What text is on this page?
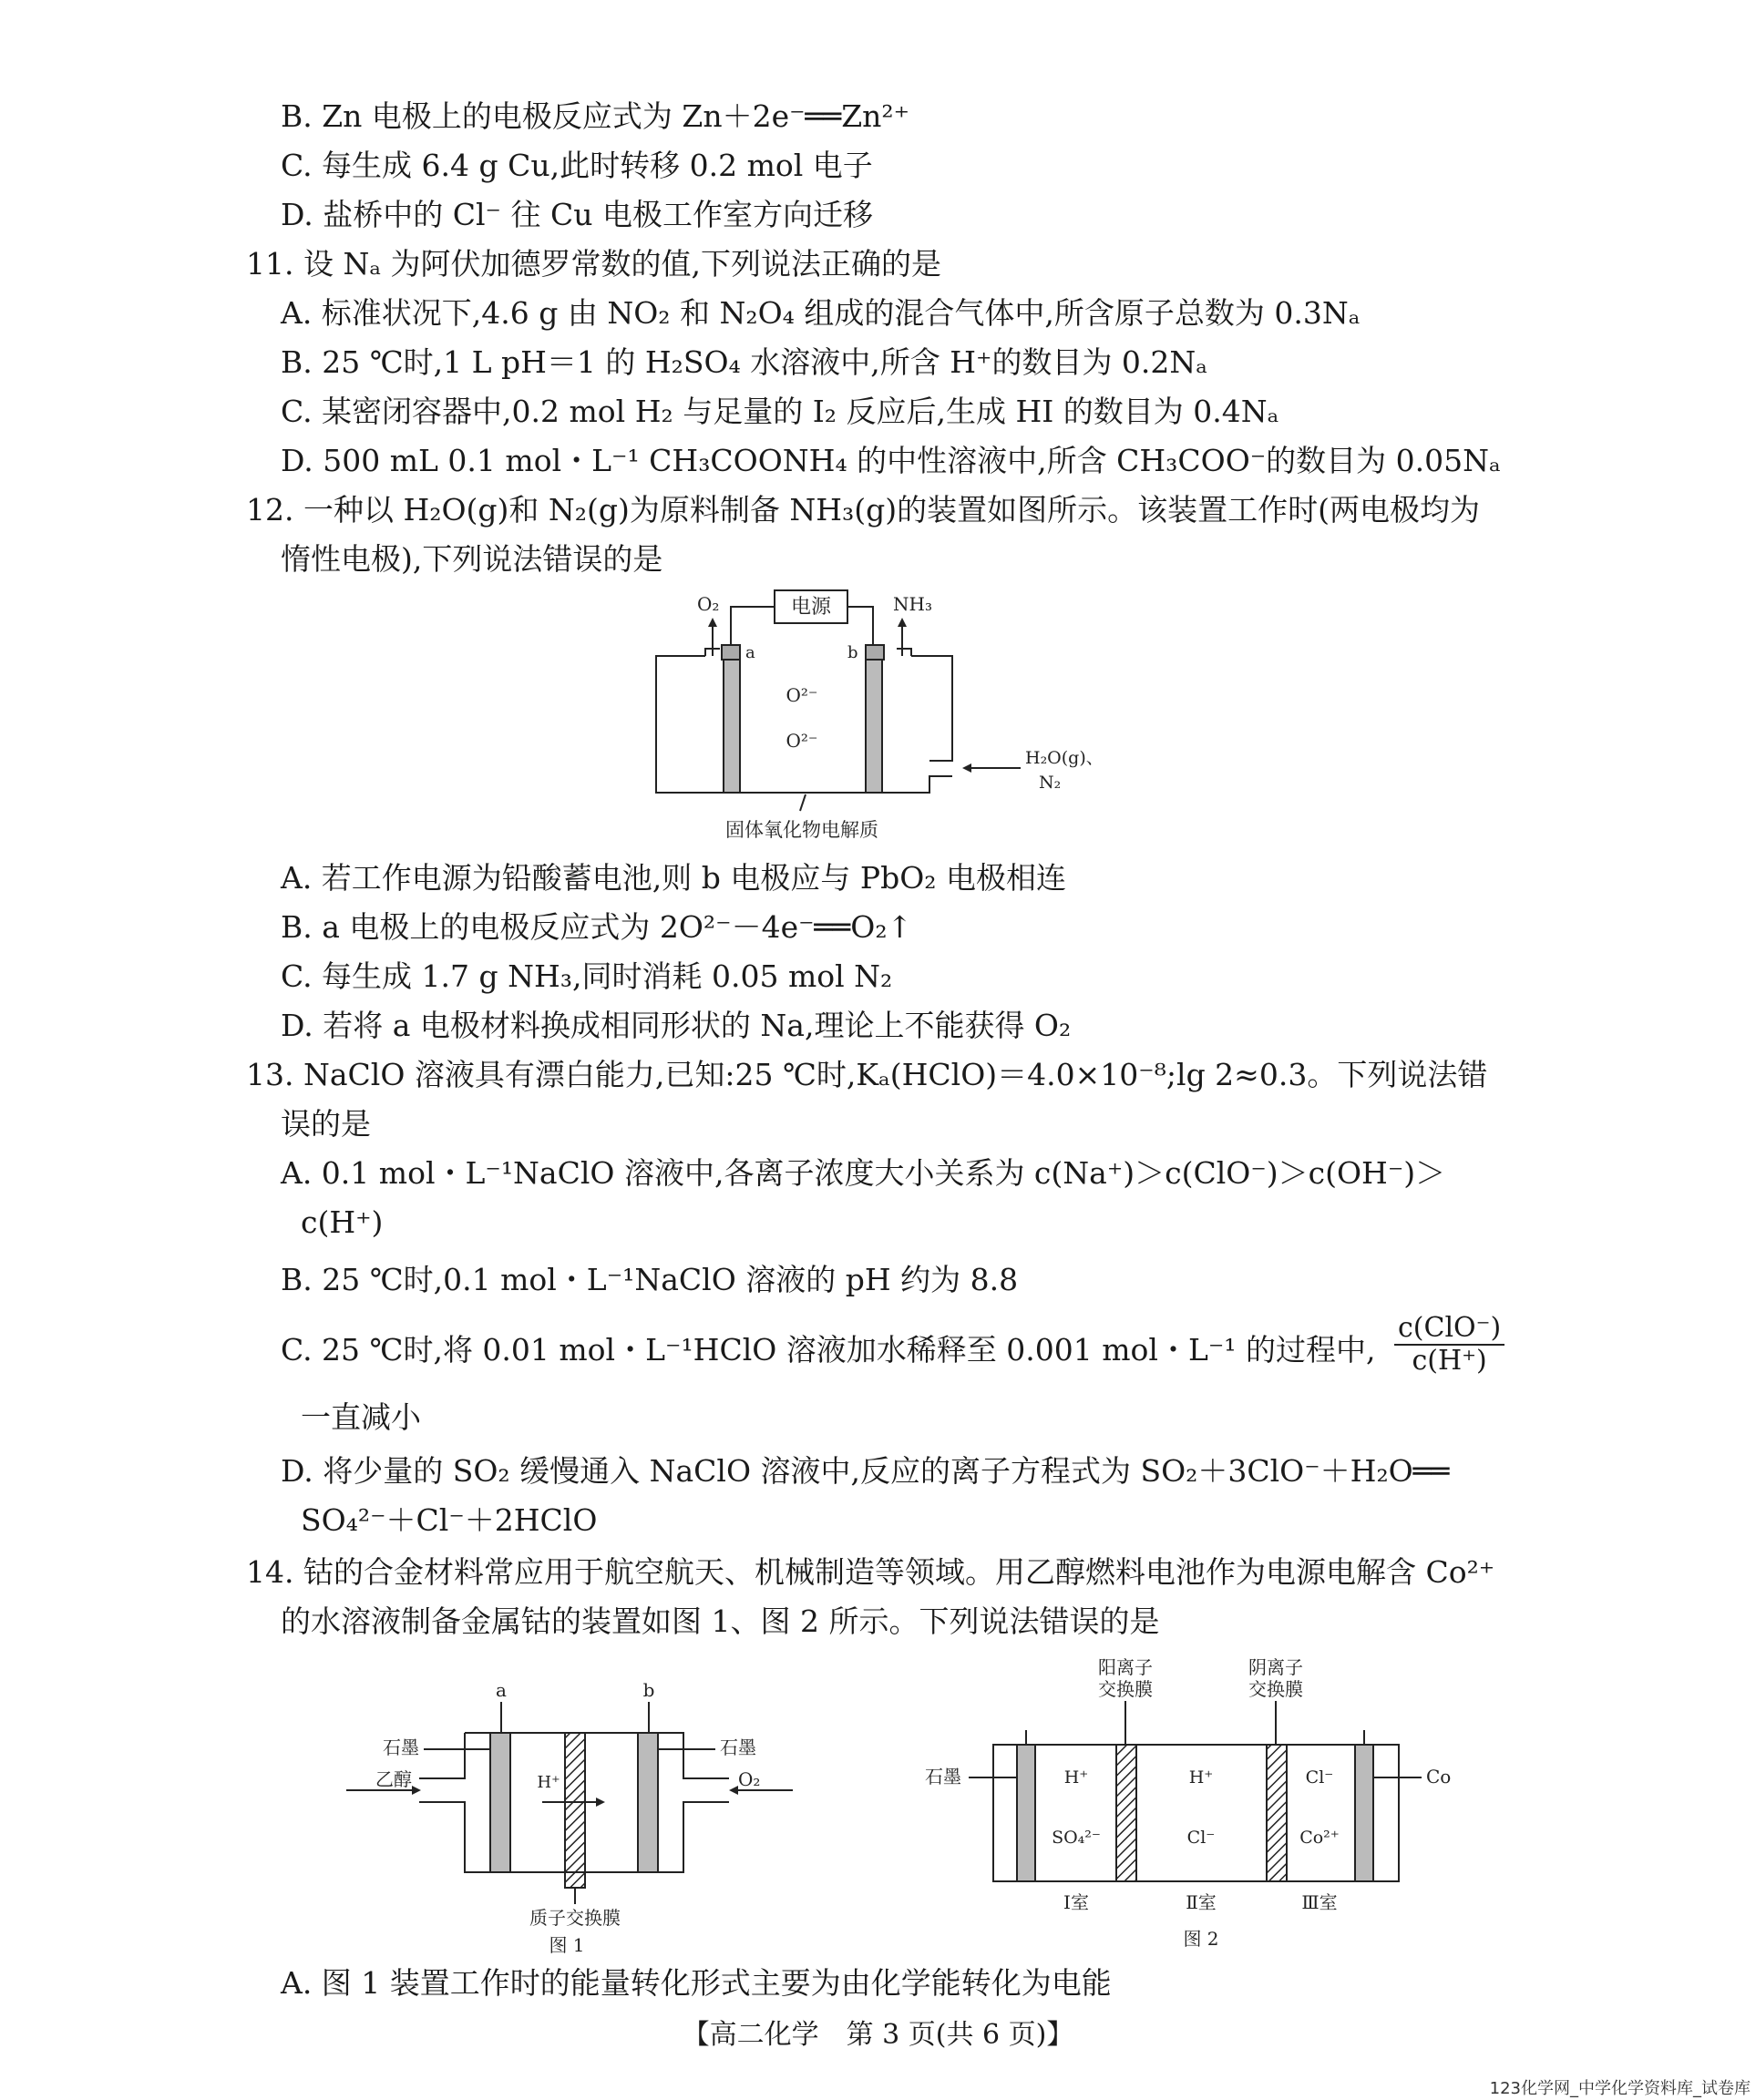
B. Zn 电极上的电极反应式为 Zn＋2e⁻══Zn²⁺
C. 每生成 6.4 g Cu,此时转移 0.2 mol 电子
D. 盐桥中的 Cl⁻ 往 Cu 电极工作室方向迁移
11. 设 Nₐ 为阿伏加德罗常数的值,下列说法正确的是
A. 标准状况下,4.6 g 由 NO₂ 和 N₂O₄ 组成的混合气体中,所含原子总数为 0.3Nₐ
B. 25 ℃时,1 L pH＝1 的 H₂SO₄ 水溶液中,所含 H⁺的数目为 0.2Nₐ
C. 某密闭容器中,0.2 mol H₂ 与足量的 I₂ 反应后,生成 HI 的数目为 0.4Nₐ
D. 500 mL 0.1 mol・L⁻¹ CH₃COONH₄ 的中性溶液中,所含 CH₃COO⁻的数目为 0.05Nₐ
12. 一种以 H₂O(g)和 N₂(g)为原料制备 NH₃(g)的装置如图所示。该装置工作时(两电极均为
惰性电极),下列说法错误的是
电源
O₂	NH₃
a	b
O²⁻
O²⁻
H₂O(g)、
N₂
固体氧化物电解质
A. 若工作电源为铅酸蓄电池,则 b 电极应与 PbO₂ 电极相连
B. a 电极上的电极反应式为 2O²⁻－4e⁻══O₂↑
C. 每生成 1.7 g NH₃,同时消耗 0.05 mol N₂
D. 若将 a 电极材料换成相同形状的 Na,理论上不能获得 O₂
13. NaClO 溶液具有漂白能力,已知:25 ℃时,Kₐ(HClO)＝4.0×10⁻⁸;lg 2≈0.3。下列说法错
误的是
A. 0.1 mol・L⁻¹NaClO 溶液中,各离子浓度大小关系为 c(Na⁺)＞c(ClO⁻)＞c(OH⁻)＞
c(H⁺)
B. 25 ℃时,0.1 mol・L⁻¹NaClO 溶液的 pH 约为 8.8
C. 25 ℃时,将 0.01 mol・L⁻¹HClO 溶液加水稀释至 0.001 mol・L⁻¹ 的过程中,
c(ClO⁻)
c(H⁺)
一直减小
D. 将少量的 SO₂ 缓慢通入 NaClO 溶液中,反应的离子方程式为 SO₂＋3ClO⁻＋H₂O══
SO₄²⁻＋Cl⁻＋2HClO
14. 钴的合金材料常应用于航空航天、机械制造等领域。用乙醇燃料电池作为电源电解含 Co²⁺
的水溶液制备金属钴的装置如图 1、图 2 所示。下列说法错误的是
a	b
石墨	石墨
乙醇	O₂
H⁺
质子交换膜
图 1
阳离子
交换膜
阴离子
交换膜
石墨	Co
H⁺
SO₄²⁻
H⁺
Cl⁻
Cl⁻
Co²⁺
Ⅰ室	Ⅱ室	Ⅲ室
图 2
A. 图 1 装置工作时的能量转化形式主要为由化学能转化为电能
【高二化学　第 3 页(共 6 页)】
123化学网_中学化学资料库_试卷库
